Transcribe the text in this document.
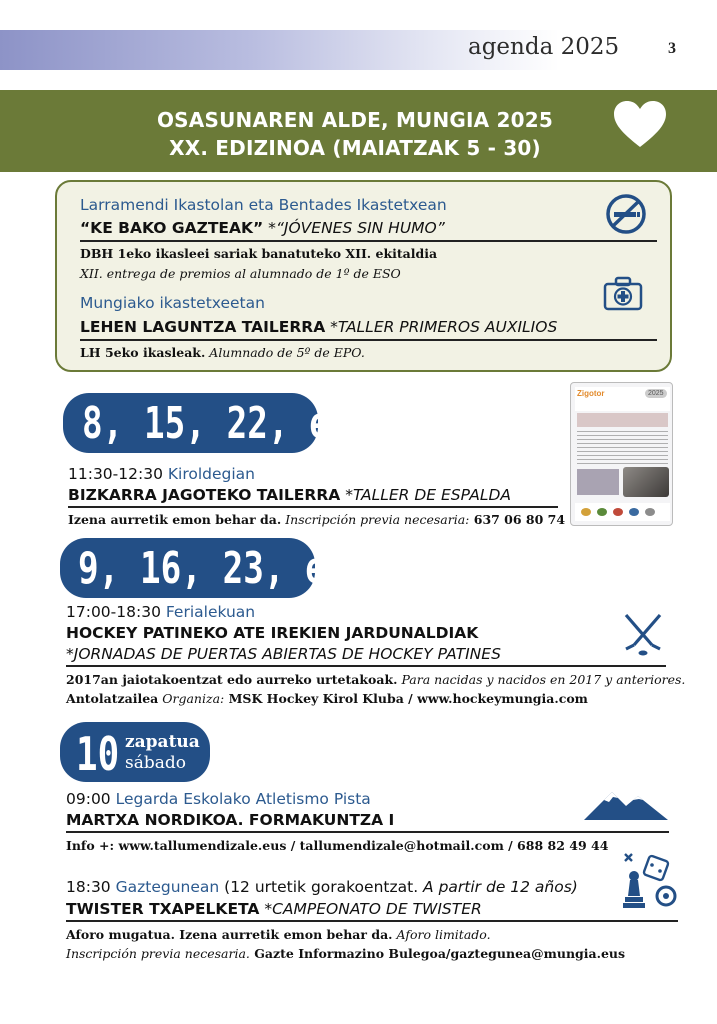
agenda 2025	3
OSASUNAREN ALDE, MUNGIA 2025
XX. EDIZINOA (MAIATZAK 5 - 30)
Larramendi Ikastolan eta Bentades Ikastetxean
“KE BAKO GAZTEAK” *“JÓVENES SIN HUMO”
DBH 1eko ikasleei sariak banatuteko XII. ekitaldia
XII. entrega de premios al alumnado de 1º de ESO
Mungiako ikastetxeetan
LEHEN LAGUNTZA TAILERRA *TALLER PRIMEROS AUXILIOS
LH 5eko ikasleak. Alumnado de 5º de EPO.
8, 15, 22, eta 29
11:30-12:30 Kiroldegian
BIZKARRA JAGOTEKO TAILERRA *TALLER DE ESPALDA
Izena aurretik emon behar da. Inscripción previa necesaria: 637 06 80 74
Zigotor	2025
9, 16, 23, eta 30
17:00-18:30 Ferialekuan
HOCKEY PATINEKO ATE IREKIEN JARDUNALDIAK
*JORNADAS DE PUERTAS ABIERTAS DE HOCKEY PATINES
2017an jaiotakoentzat edo aurreko urtetakoak. Para nacidas y nacidos en 2017 y anteriores.
Antolatzailea Organiza: MSK Hockey Kirol Kluba / www.hockeymungia.com
10 zapatua
sábado
09:00 Legarda Eskolako Atletismo Pista
MARTXA NORDIKOA. FORMAKUNTZA I
Info +: www.tallumendizale.eus / tallumendizale@hotmail.com / 688 82 49 44
18:30 Gaztegunean (12 urtetik gorakoentzat. A partir de 12 años)
TWISTER TXAPELKETA *CAMPEONATO DE TWISTER
Aforo mugatua. Izena aurretik emon behar da. Aforo limitado.
Inscripción previa necesaria. Gazte Informazino Bulegoa/gaztegunea@mungia.eus
